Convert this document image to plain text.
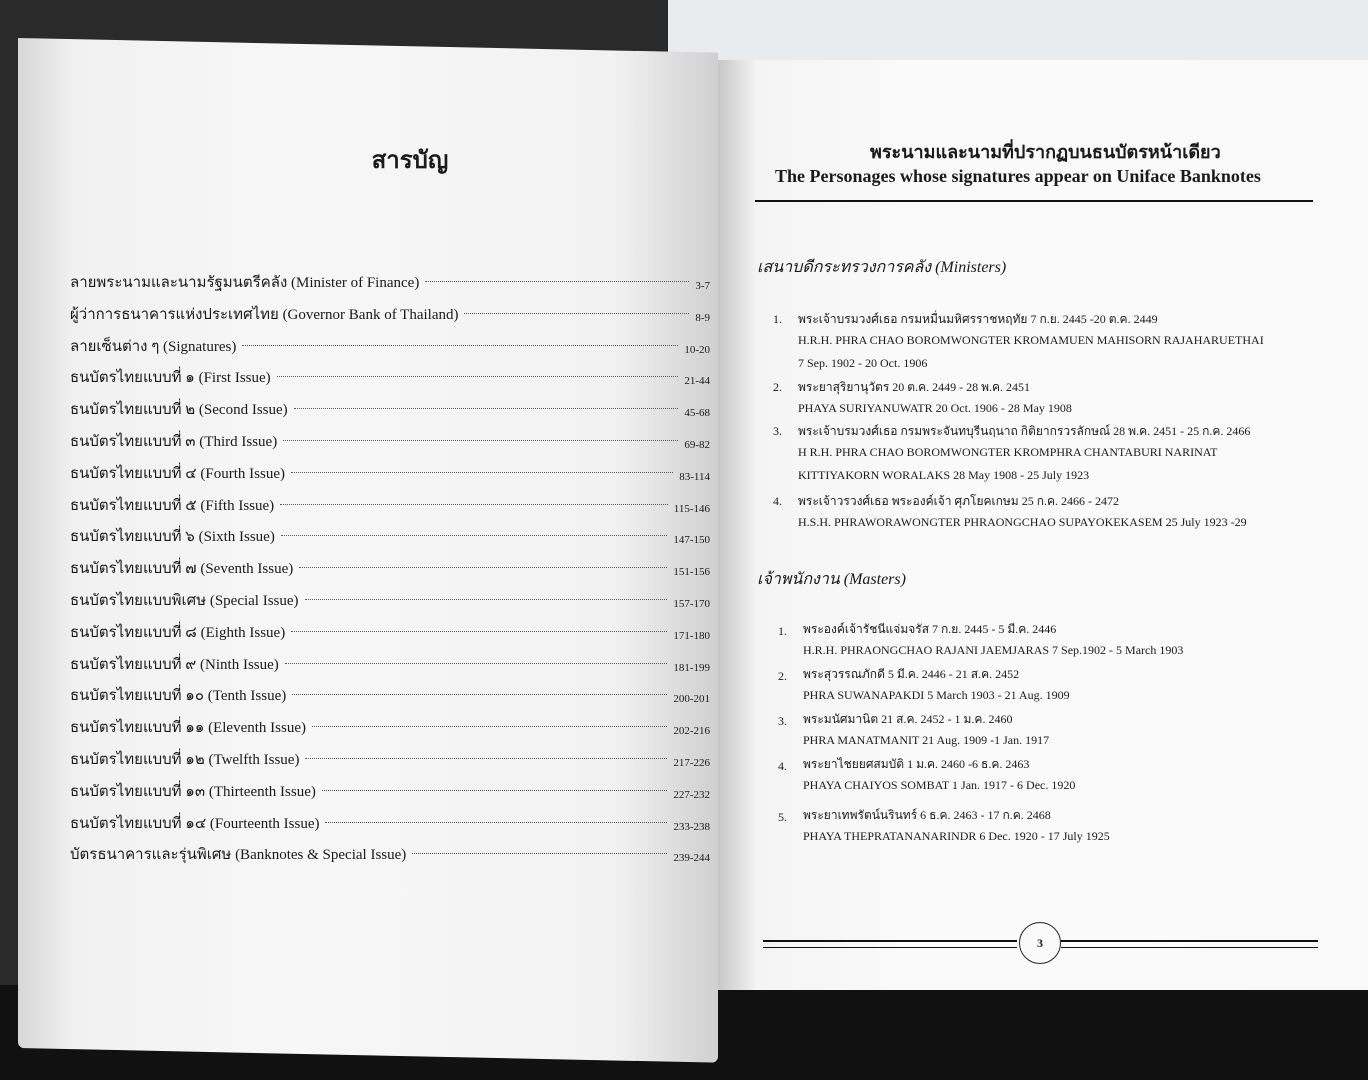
สารบัญ
ลายพระนามและนามรัฐมนตรีคลัง (Minister of Finance)	3-7
ผู้ว่าการธนาคารแห่งประเทศไทย (Governor Bank of Thailand)	8-9
ลายเซ็นต่าง ๆ (Signatures)	10-20
ธนบัตรไทยแบบที่ ๑ (First Issue)	21-44
ธนบัตรไทยแบบที่ ๒ (Second Issue)	45-68
ธนบัตรไทยแบบที่ ๓ (Third Issue)	69-82
ธนบัตรไทยแบบที่ ๔ (Fourth Issue)	83-114
ธนบัตรไทยแบบที่ ๕ (Fifth Issue)	115-146
ธนบัตรไทยแบบที่ ๖ (Sixth Issue)	147-150
ธนบัตรไทยแบบที่ ๗ (Seventh Issue)	151-156
ธนบัตรไทยแบบพิเศษ (Special Issue)	157-170
ธนบัตรไทยแบบที่ ๘ (Eighth Issue)	171-180
ธนบัตรไทยแบบที่ ๙ (Ninth Issue)	181-199
ธนบัตรไทยแบบที่ ๑๐ (Tenth Issue)	200-201
ธนบัตรไทยแบบที่ ๑๑ (Eleventh Issue)	202-216
ธนบัตรไทยแบบที่ ๑๒ (Twelfth Issue)	217-226
ธนบัตรไทยแบบที่ ๑๓ (Thirteenth Issue)	227-232
ธนบัตรไทยแบบที่ ๑๔ (Fourteenth Issue)	233-238
บัตรธนาคารและรุ่นพิเศษ (Banknotes & Special Issue)	239-244
พระนามและนามที่ปรากฏบนธนบัตรหน้าเดียว
The Personages whose signatures appear on Uniface Banknotes
เสนาบดีกระทรวงการคลัง (Ministers)
1. พระเจ้าบรมวงศ์เธอ กรมหมื่นมหิศรราชหฤทัย 7 ก.ย. 2445 -20 ต.ค. 2449
H.R.H. PHRA CHAO BOROMWONGTER KROMAMUEN MAHISORN RAJAHARUETHAI
7 Sep. 1902 - 20 Oct. 1906
2. พระยาสุริยานุวัตร 20 ต.ค. 2449 - 28 พ.ค. 2451
PHAYA SURIYANUWATR 20 Oct. 1906 - 28 May 1908
3. พระเจ้าบรมวงศ์เธอ กรมพระจันทบุรีนฤนาถ กิติยากรวรลักษณ์ 28 พ.ค. 2451 - 25 ก.ค. 2466
H R.H. PHRA CHAO BOROMWONGTER KROMPHRA CHANTABURI NARINAT
KITTIYAKORN WORALAKS 28 May 1908 - 25 July 1923
4. พระเจ้าวรวงศ์เธอ พระองค์เจ้า ศุภโยคเกษม 25 ก.ค. 2466 - 2472
H.S.H. PHRAWORAWONGTER PHRAONGCHAO SUPAYOKEKASEM 25 July 1923 -29
เจ้าพนักงาน (Masters)
1. พระองค์เจ้ารัชนีแจ่มจรัส 7 ก.ย. 2445 - 5 มี.ค. 2446
H.R.H. PHRAONGCHAO RAJANI JAEMJARAS 7 Sep.1902 - 5 March 1903
2. พระสุวรรณภักดี 5 มี.ค. 2446 - 21 ส.ค. 2452
PHRA SUWANAPAKDI 5 March 1903 - 21 Aug. 1909
3. พระมนัศมานิต 21 ส.ค. 2452 - 1 ม.ค. 2460
PHRA MANATMANIT 21 Aug. 1909 -1 Jan. 1917
4. พระยาไชยยศสมบัติ 1 ม.ค. 2460 -6 ธ.ค. 2463
PHAYA CHAIYOS SOMBAT 1 Jan. 1917 - 6 Dec. 1920
5. พระยาเทพรัตน์นรินทร์ 6 ธ.ค. 2463 - 17 ก.ค. 2468
PHAYA THEPRATANANARINDR 6 Dec. 1920 - 17 July 1925
3
